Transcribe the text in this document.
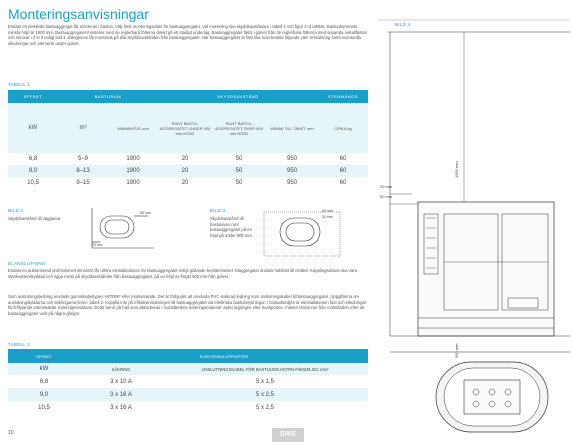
Monteringsanvisningar
Endast ett elektriskt bastuaggregat får monteras i bastun. Välj först monteringsplats för bastuaggregatet. Vid montering ska skyddsavstånden i tabell 1 och figur 2–3 iakttas. Bastuutrymmets minsta höjd är 1900 mm. Bastuaggregatet monteras med de reglerbara fötterna direkt på ett stadigt underlag. Bastuaggregatet fästs i golvet från de reglerbara fötterna med separata metallfästen och skruvar i 2 st 3 enligt bild 4. Dängesom får monteras på alla skyddsavstånden från bastuaggregatet. När bastuaggregatet är fäst ska man beakta följande värt- tessolering samt eventuella elledningar och värmerör under golvet.
TABELL 1
EFFEKT	BASTURUM		SKYDDSAVSTÅND			STENMÄNGD
kW	m³	MINIMIHÖJD mm	RUNT BASTU-AGGREGATET UNDER 900 mm HÖJD	RUNT BASTU-AGGREGATET ÖVER 900 mm HÖJD	MINIMI TILL TAKET mm	CIRKA kg
6,8	5–9	1900	20	50	950	60
9,0	8–13	1900	20	50	950	60
10,5	9–15	1900	20	50	950	60
BILD 2
Skyddsavstånd till väggarna
50 mm
20 mm
BILD 3
Skyddsavstånd till bastulaven runt bastuaggregatet på en höjd på under 900 mm.
50 mm
20 mm
ELANSLUTNING
Endast en auktoriserad professionell elmontör får utföra elinstallationen för bastuaggregatet enligt gällande bestämmelser. Elaggregatet ansluts halvfast till elnätet. Kopplingsdosan ska vara stänkvattenskyddad och ligga minst på skyddsavståndet från bastuaggregatet, på en höjd av högst 500 mm från golvet.
Som anslutningsledning används gummikabeltypen H07RNF eller motsvarande. Det är förbjudet att använda PVC-isolerad ledning som anslutningskabel till bastuaggregatet. Uppgifterna om anslutningskablarna och säkringarna finns i tabell 2. Kopplla inte på effektivinmatningen till bastuaggregatet via elektriska bastubelysningar. I bostadsmiljön är elinstallationen fast och elledningar för friflytande värmekablar isoleringsresistans. Detta beror på fukt som absorberas i motståndens isoleringsmaterial under lagringen eller transporten. Fukten försvinner från motstånden efter att bastuaggregatet varit på några gånger.
TABELL 2
EFFEKT	ELEKTRISKA UPPGIFTER	
kW	SÄKRING	ANSLUTNINGSKABEL FÖR BASTUUGN H07RN-F/60245 IEC mm²
6,8	3 x 10 A	5 x 1,5
9,0	3 x 16 A	5 x 2,5
10,5	3 x 16 A	5 x 2,5
BILD 4
1900 mm
20 mm
50 mm
950 mm
10	SWE
